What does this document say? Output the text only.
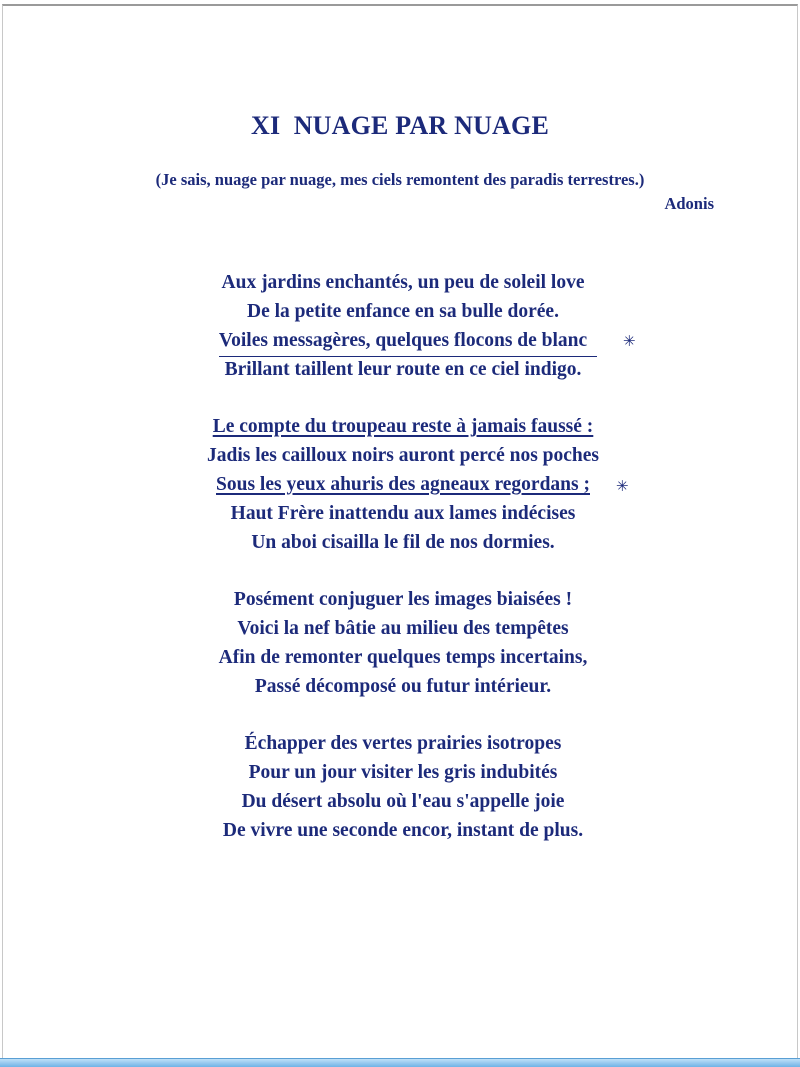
XI  NUAGE PAR NUAGE

(Je sais, nuage par nuage, mes ciels remontent des paradis terrestres.)

Adonis

Aux jardins enchantés, un peu de soleil love
De la petite enfance en sa bulle dorée.
Voiles messagères, quelques flocons de blanc ✳
Brillant taillent leur route en ce ciel indigo.
Le compte du troupeau reste à jamais faussé :
Jadis les cailloux noirs auront percé nos poches
Sous les yeux ahuris des agneaux regordans ; ✳
Haut Frère inattendu aux lames indécises
Un aboi cisailla le fil de nos dormies.
Posément conjuguer les images biaisées !
Voici la nef bâtie au milieu des tempêtes
Afin de remonter quelques temps incertains,
Passé décomposé ou futur intérieur.
Échapper des vertes prairies isotropes
Pour un jour visiter les gris indubités
Du désert absolu où l'eau s'appelle joie
De vivre une seconde encor, instant de plus.
